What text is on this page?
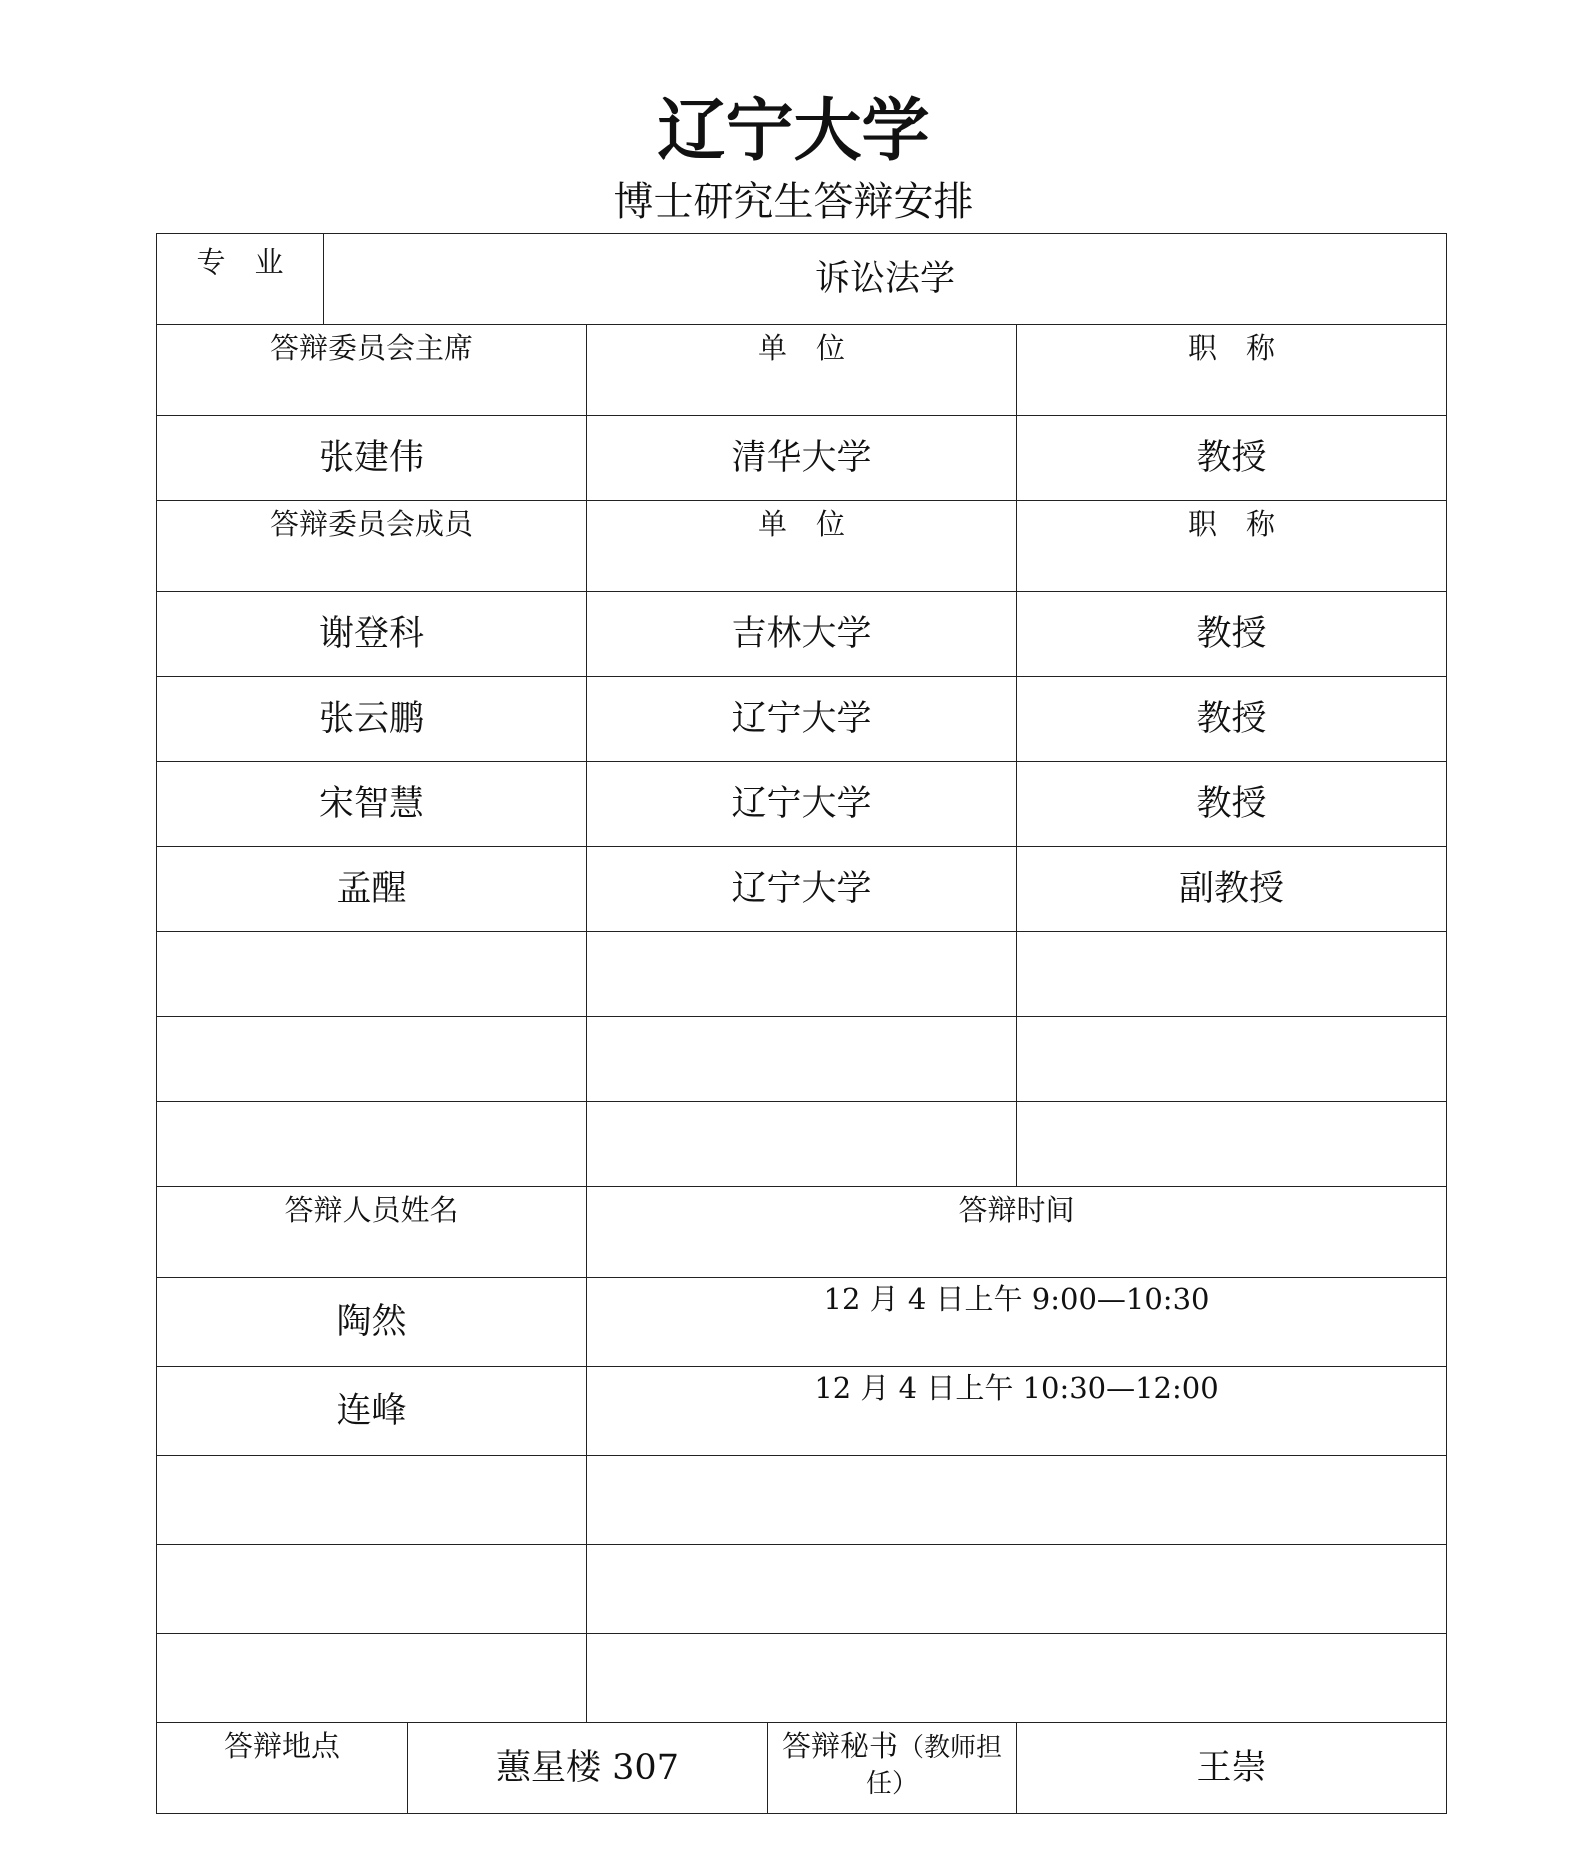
辽宁大学
博士研究生答辩安排
专　业	诉讼法学				
答辩委员会主席			单　位		职　称
张建伟			清华大学		教授
答辩委员会成员			单　位		职　称
谢登科			吉林大学		教授
张云鹏			辽宁大学		教授
宋智慧			辽宁大学		教授
孟醒			辽宁大学		副教授

答辩人员姓名			答辩时间		
陶然			12 月 4 日上午 9:00—10:30		
连峰			12 月 4 日上午 10:30—12:00		

答辩地点		蕙星楼 307		答辩秘书（教师担任）	王崇
